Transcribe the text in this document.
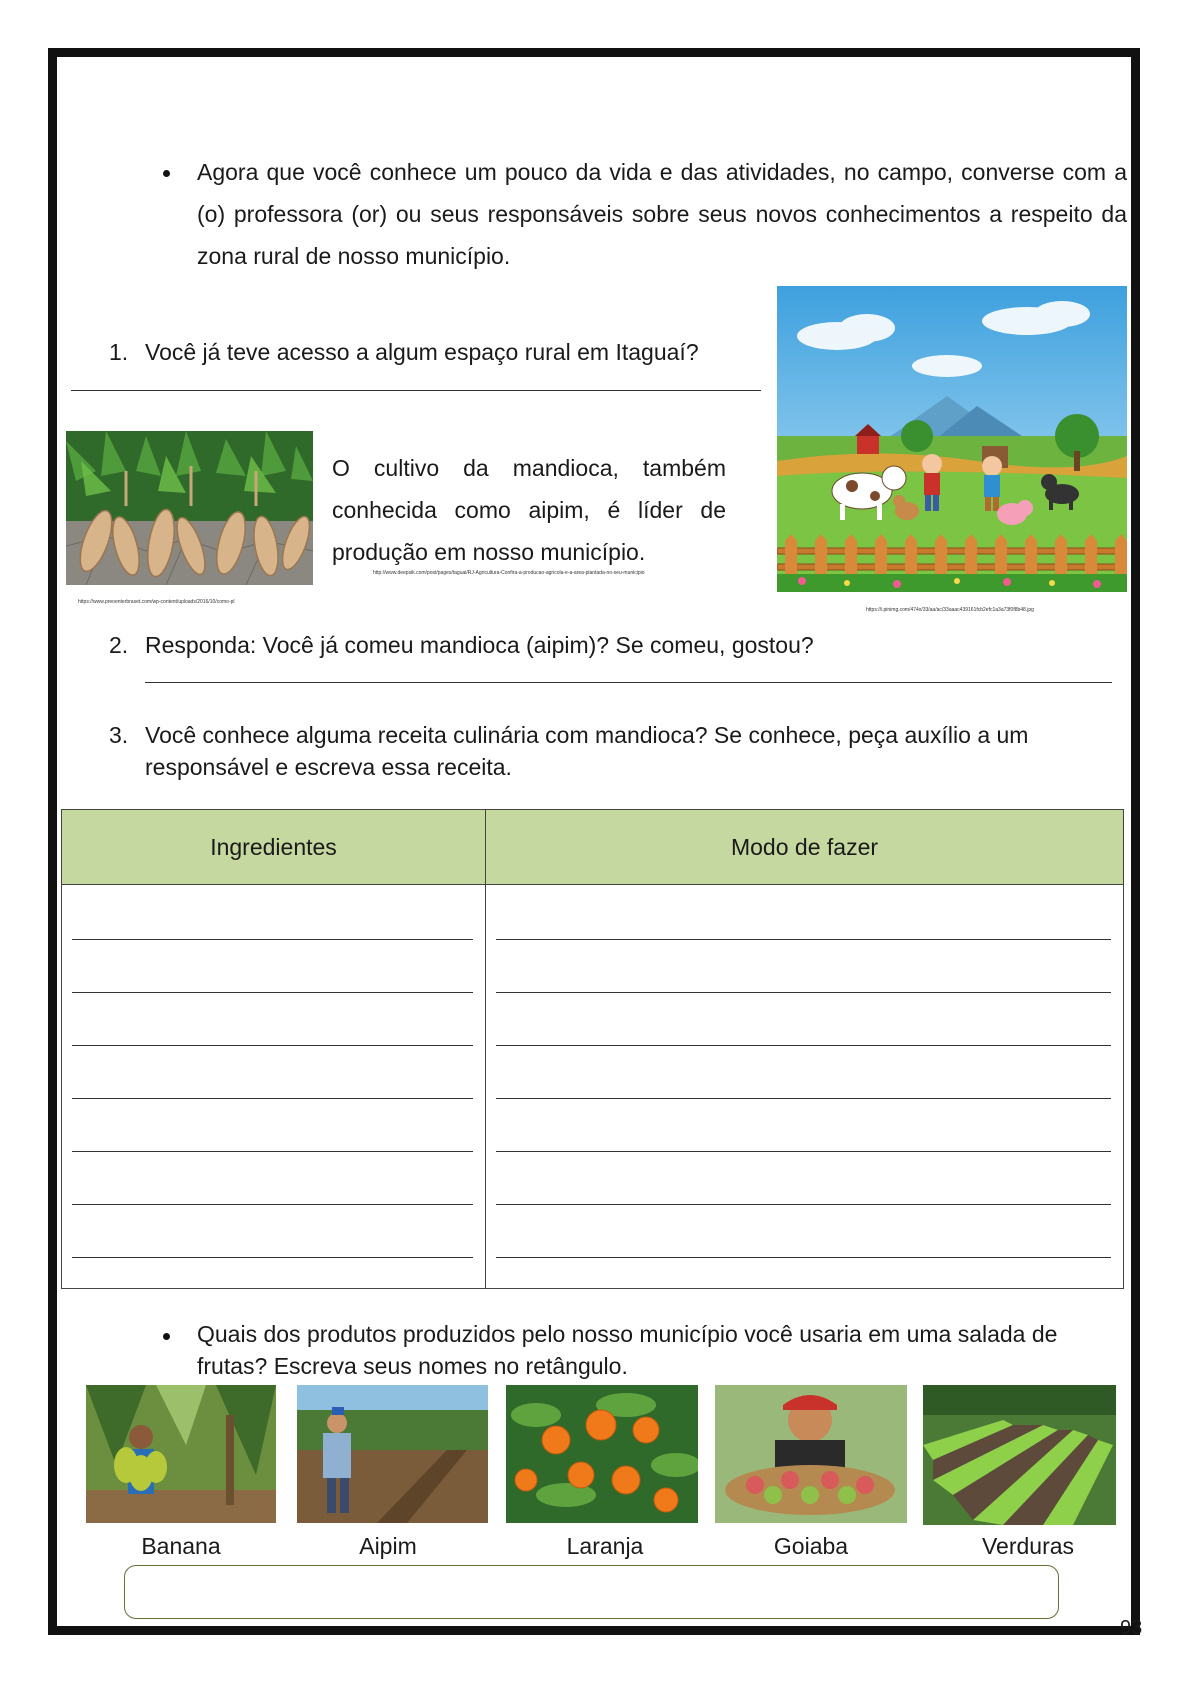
Agora que você conhece um pouco da vida e das atividades, no campo, converse com a (o) professora (or) ou seus responsáveis sobre seus novos conhecimentos a respeito da zona rural de nosso município.
1. Você já teve acesso a algum espaço rural em Itaguaí?
https://www.preoenterbraset.com/wp-content/uploads/2016/10/como-pl
O cultivo da mandioca, também conhecida como aipim, é líder de produção em nosso município.
http://www.deepsik.com/post/pages/taguai/RJ-Agricultura-Confira-a-producao-agricola-e-a-area-plantada-no-seu-municipio
https://i.pinimg.com/474x/33/aa/ac/33aaac439161fcb2efc1a3a73f0f8b48.jpg
2. Responda: Você já comeu mandioca (aipim)? Se comeu, gostou?
3. Você conhece alguma receita culinária com mandioca? Se conhece, peça auxílio a um responsável e escreva essa receita.
Ingredientes	Modo de fazer

Quais dos produtos produzidos pelo nosso município você usaria em uma salada de frutas? Escreva seus nomes no retângulo.
Banana	Aipim	Laranja	Goiaba	Verduras
93
